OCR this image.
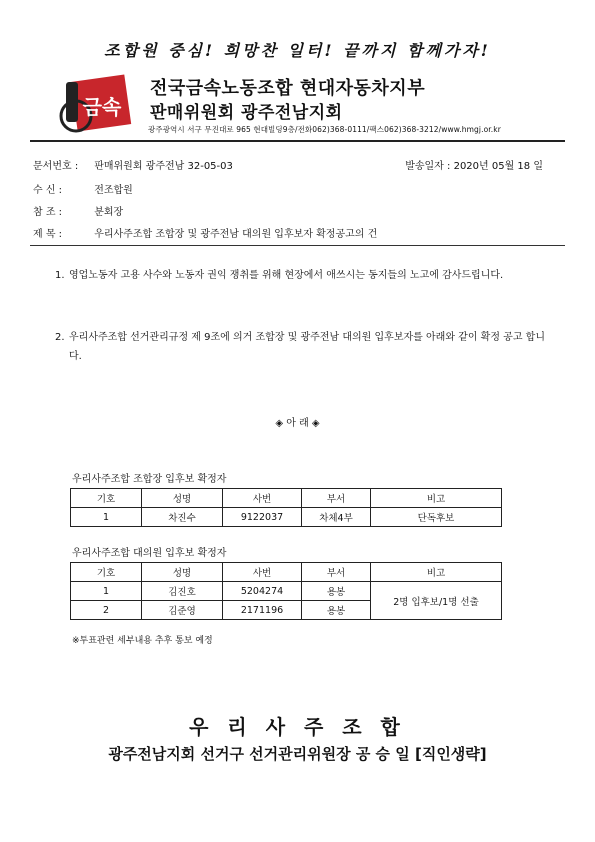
조합원 중심! 희망찬 일터! 끝까지 함께가자!
금속
전국금속노동조합 현대자동차지부
판매위원회 광주전남지회
광주광역시 서구 무진대로 965 현대빌딩9층/전화062)368-0111/팩스062)368-3212/www.hmgj.or.kr
문서번호 : 판매위원회 광주전남 32-05-03	발송일자 : 2020년 05월 18 일
수 신 :	전조합원
참 조 :	분회장
제 목 :	우리사주조합 조합장 및 광주전남 대의원 입후보자 확정공고의 건
1. 영업노동자 고용 사수와 노동자 권익 쟁취를 위해 현장에서 애쓰시는 동지들의 노고에 감사드립니다.
2. 우리사주조합 선거관리규정 제 9조에 의거 조합장 및 광주전남 대의원 입후보자를 아래와 같이 확정 공고 합니다.
◈ 아 래 ◈
우리사주조합 조합장 입후보 확정자
기호	성명	사번	부서	비고
1	차진수	9122037	차체4부	단독후보
우리사주조합 대의원 입후보 확정자
기호	성명	사번	부서	비고
1	김진호	5204274	용봉	2명 입후보/1명 선출
2	김준영	2171196	용봉	
※투표관련 세부내용 추후 통보 예정
우 리 사 주 조 합
광주전남지회 선거구 선거관리위원장 공 승 일 [직인생략]
